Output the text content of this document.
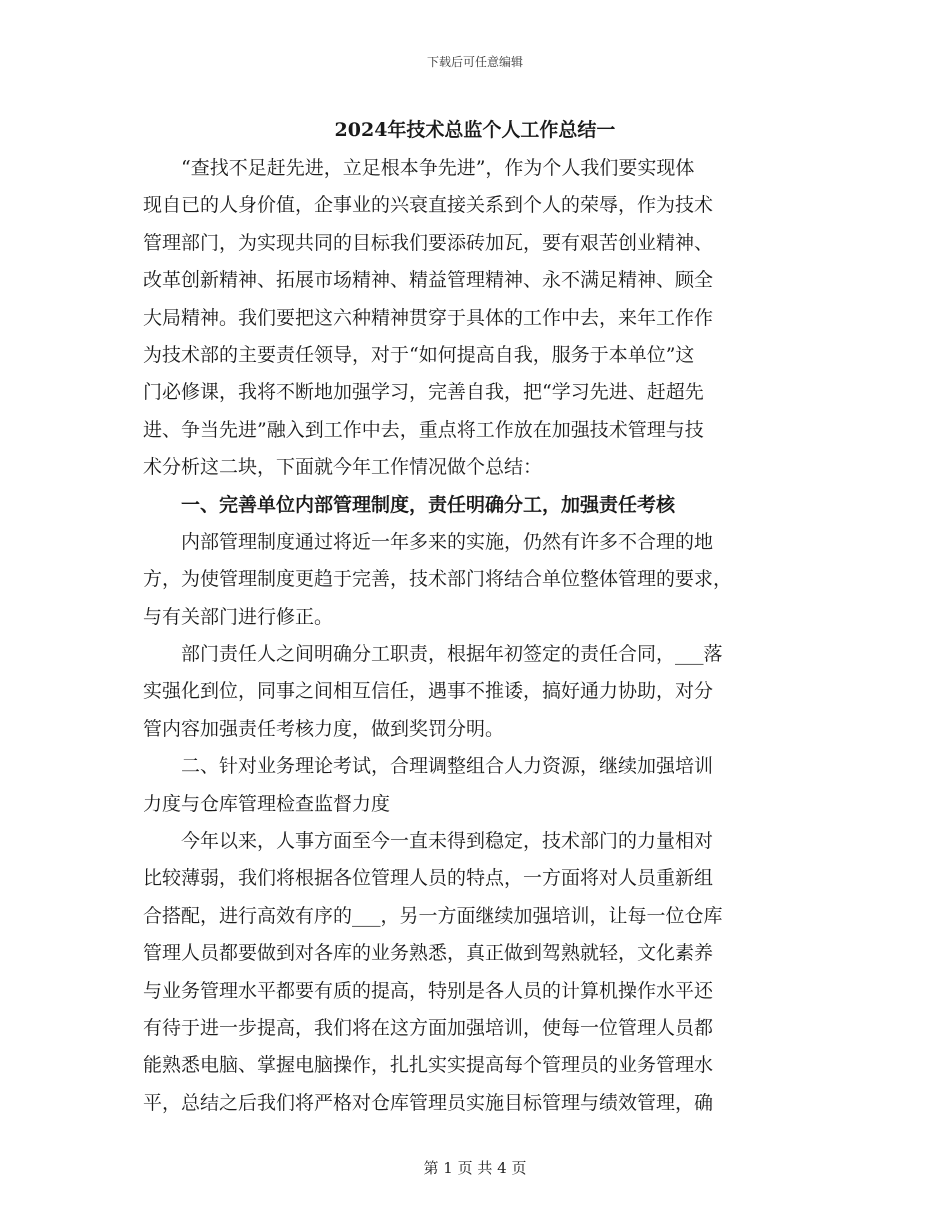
下载后可任意编辑
2024年技术总监个人工作总结一
　　“查找不足赶先进，立足根本争先进”，作为个人我们要实现体
现自已的人身价值，企事业的兴衰直接关系到个人的荣辱，作为技术
管理部门，为实现共同的目标我们要添砖加瓦，要有艰苦创业精神、
改革创新精神、拓展市场精神、精益管理精神、永不满足精神、顾全
大局精神。我们要把这六种精神贯穿于具体的工作中去，来年工作作
为技术部的主要责任领导，对于“如何提高自我，服务于本单位”这
门必修课，我将不断地加强学习，完善自我，把“学习先进、赶超先
进、争当先进”融入到工作中去，重点将工作放在加强技术管理与技
术分析这二块，下面就今年工作情况做个总结：
　　一、完善单位内部管理制度，责任明确分工，加强责任考核
　　内部管理制度通过将近一年多来的实施，仍然有许多不合理的地
方，为使管理制度更趋于完善，技术部门将结合单位整体管理的要求，
与有关部门进行修正。
　　部门责任人之间明确分工职责，根据年初签定的责任合同，___落
实强化到位，同事之间相互信任，遇事不推诿，搞好通力协助，对分
管内容加强责任考核力度，做到奖罚分明。
　　二、针对业务理论考试，合理调整组合人力资源，继续加强培训
力度与仓库管理检查监督力度
　　今年以来，人事方面至今一直未得到稳定，技术部门的力量相对
比较薄弱，我们将根据各位管理人员的特点，一方面将对人员重新组
合搭配，进行高效有序的___，另一方面继续加强培训，让每一位仓库
管理人员都要做到对各库的业务熟悉，真正做到驾熟就轻，文化素养
与业务管理水平都要有质的提高，特别是各人员的计算机操作水平还
有待于进一步提高，我们将在这方面加强培训，使每一位管理人员都
能熟悉电脑、掌握电脑操作，扎扎实实提高每个管理员的业务管理水
平，总结之后我们将严格对仓库管理员实施目标管理与绩效管理，确
第 1 页 共 4 页
